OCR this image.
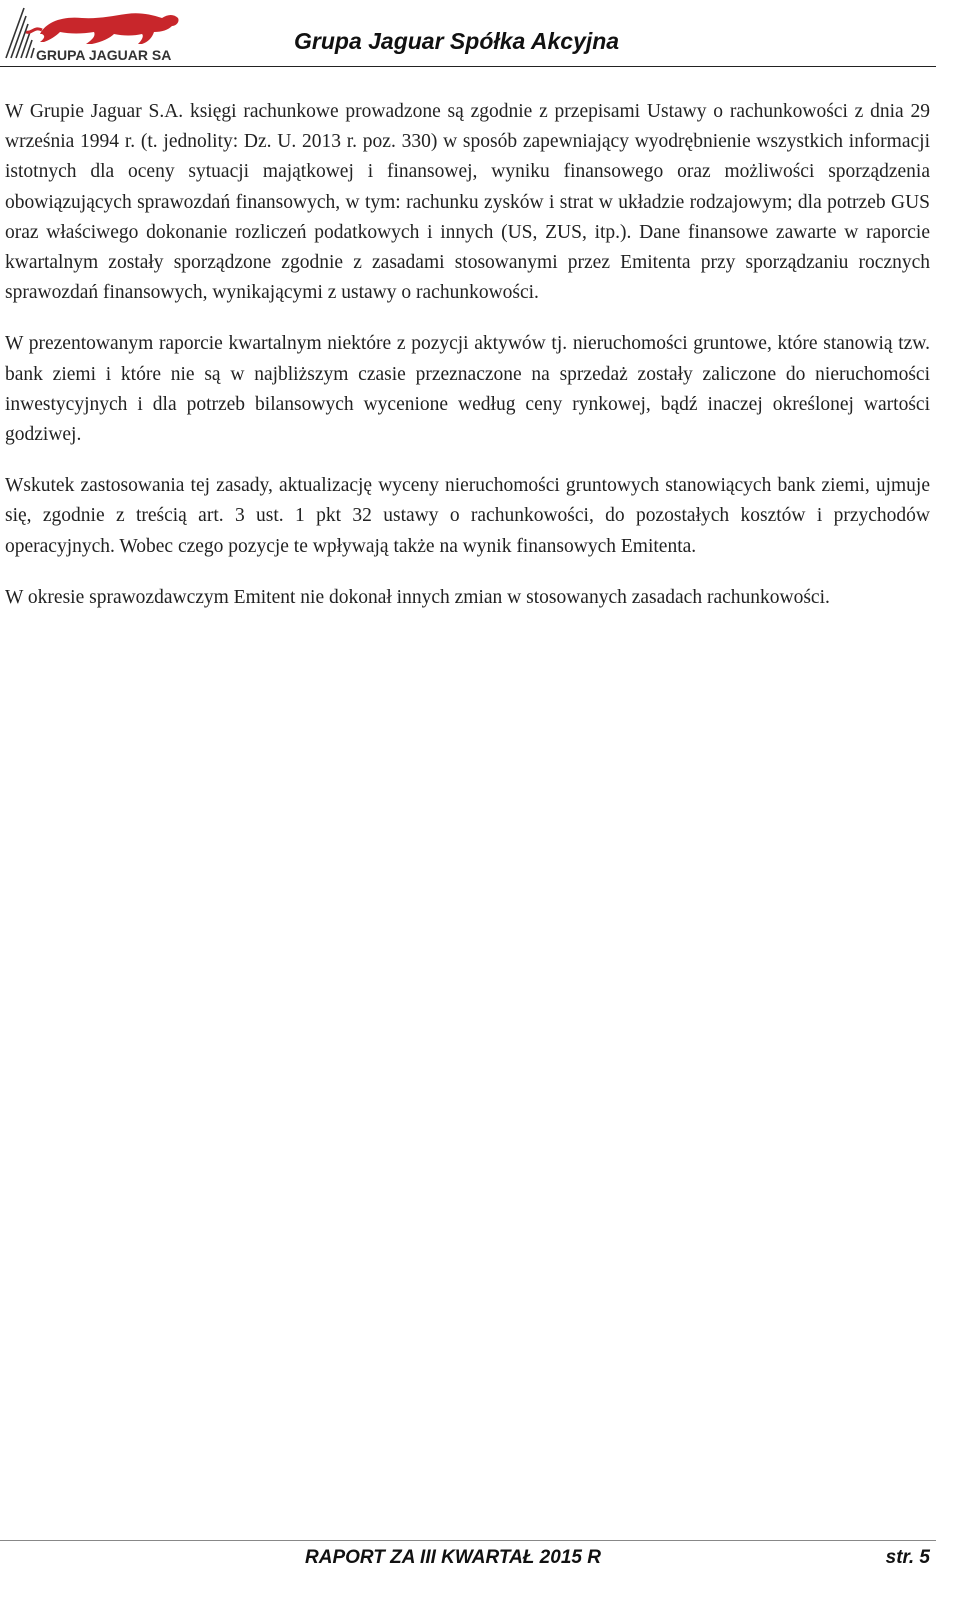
GRUPA JAGUAR SA
Grupa Jaguar Spółka Akcyjna

W Grupie Jaguar S.A. księgi rachunkowe prowadzone są zgodnie z przepisami Ustawy o rachunkowości z dnia 29 września 1994 r. (t. jednolity: Dz. U. 2013 r. poz. 330) w sposób zapewniający wyodrębnienie wszystkich informacji istotnych dla oceny sytuacji majątkowej i finansowej, wyniku finansowego oraz możliwości sporządzenia obowiązujących sprawozdań finansowych, w tym: rachunku zysków i strat w układzie rodzajowym; dla potrzeb GUS oraz właściwego dokonanie rozliczeń podatkowych i innych (US, ZUS, itp.). Dane finansowe zawarte w raporcie kwartalnym zostały sporządzone zgodnie z zasadami stosowanymi przez Emitenta przy sporządzaniu rocznych sprawozdań finansowych, wynikającymi z ustawy o rachunkowości.

W prezentowanym raporcie kwartalnym niektóre z pozycji aktywów tj. nieruchomości gruntowe, które stanowią tzw. bank ziemi i które nie są w najbliższym czasie przeznaczone na sprzedaż zostały zaliczone do nieruchomości inwestycyjnych i dla potrzeb bilansowych wycenione według ceny rynkowej, bądź inaczej określonej wartości godziwej.

Wskutek zastosowania tej zasady, aktualizację wyceny nieruchomości gruntowych stanowiących bank ziemi, ujmuje się, zgodnie z treścią art. 3 ust. 1 pkt 32 ustawy o rachunkowości, do pozostałych kosztów i przychodów operacyjnych. Wobec czego pozycje te wpływają także na wynik finansowych Emitenta.

W okresie sprawozdawczym Emitent nie dokonał innych zmian w stosowanych zasadach rachunkowości.

RAPORT ZA III KWARTAŁ 2015 R	str. 5
